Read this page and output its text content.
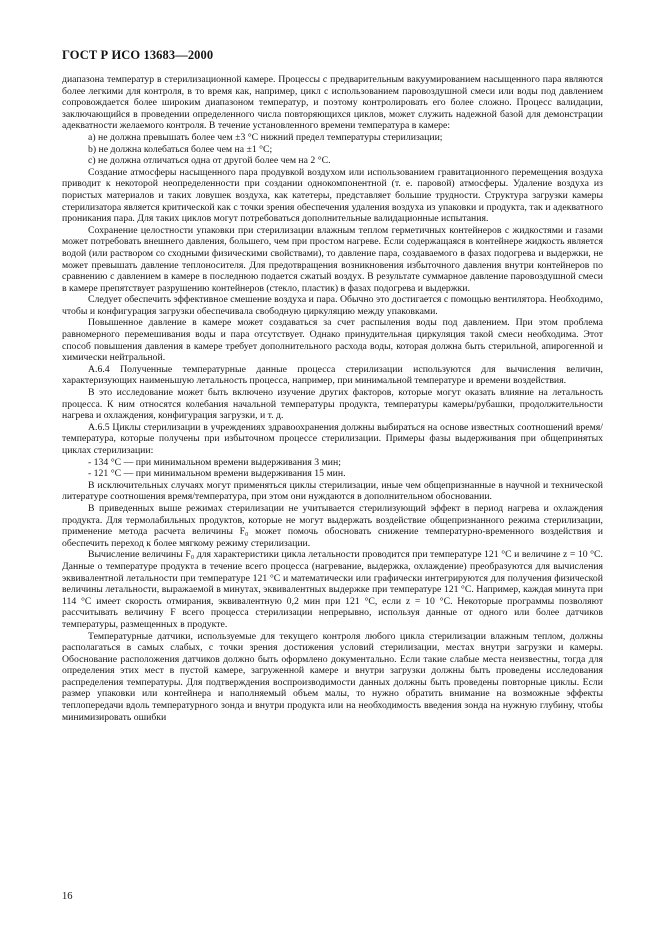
ГОСТ Р ИСО 13683—2000

диапазона температур в стерилизационной камере. Процессы с предварительным вакуумированием насыщенного пара являются более легкими для контроля, в то время как, например, цикл с использованием паровоздушной смеси или воды под давлением сопровождается более широким диапазоном температур, и поэтому контролировать его более сложно. Процесс валидации, заключающийся в проведении определенного числа повторяющихся циклов, может служить надежной базой для демонстрации адекватности желаемого контроля. В течение установленного времени температура в камере:

а) не должна превышать более чем ±3 °С нижний предел температуры стерилизации;

b) не должна колебаться более чем на ±1 °С;

с) не должна отличаться одна от другой более чем на 2 °С.

Создание атмосферы насыщенного пара продувкой воздухом или использованием гравитационного перемещения воздуха приводит к некоторой неопределенности при создании однокомпонентной (т. е. паровой) атмосферы. Удаление воздуха из пористых материалов и таких ловушек воздуха, как катетеры, представляет большие трудности. Структура загрузки камеры стерилизатора является критической как с точки зрения обеспечения удаления воздуха из упаковки и продукта, так и адекватного проникания пара. Для таких циклов могут потребоваться дополнительные валидационные испытания.

Сохранение целостности упаковки при стерилизации влажным теплом герметичных контейнеров с жидкостями и газами может потребовать внешнего давления, большего, чем при простом нагреве. Если содержащаяся в контейнере жидкость является водой (или раствором со сходными физическими свойствами), то давление пара, создаваемого в фазах подогрева и выдержки, не может превышать давление теплоносителя. Для предотвращения возникновения избыточного давления внутри контейнеров по сравнению с давлением в камере в последнюю подается сжатый воздух. В результате суммарное давление паровоздушной смеси в камере препятствует разрушению контейнеров (стекло, пластик) в фазах подогрева и выдержки.

Следует обеспечить эффективное смешение воздуха и пара. Обычно это достигается с помощью вентилятора. Необходимо, чтобы и конфигурация загрузки обеспечивала свободную циркуляцию между упаковками.

Повышенное давление в камере может создаваться за счет распыления воды под давлением. При этом проблема равномерного перемешивания воды и пара отсутствует. Однако принудительная циркуляция такой смеси необходима. Этот способ повышения давления в камере требует дополнительного расхода воды, которая должна быть стерильной, апирогенной и химически нейтральной.

А.6.4 Полученные температурные данные процесса стерилизации используются для вычисления величин, характеризующих наименьшую летальность процесса, например, при минимальной температуре и времени воздействия.

В это исследование может быть включено изучение других факторов, которые могут оказать влияние на летальность процесса. К ним относятся колебания начальной температуры продукта, температуры камеры/рубашки, продолжительности нагрева и охлаждения, конфигурация загрузки, и т. д.

А.6.5 Циклы стерилизации в учреждениях здравоохранения должны выбираться на основе известных соотношений время/температура, которые получены при избыточном процессе стерилизации. Примеры фазы выдерживания при общепринятых циклах стерилизации:

- 134 °С — при минимальном времени выдерживания 3 мин;

- 121 °С — при минимальном времени выдерживания 15 мин.

В исключительных случаях могут применяться циклы стерилизации, иные чем общепризнанные в научной и технической литературе соотношения время/температура, при этом они нуждаются в дополнительном обосновании.

В приведенных выше режимах стерилизации не учитывается стерилизующий эффект в период нагрева и охлаждения продукта. Для термолабильных продуктов, которые не могут выдержать воздействие общепризнанного режима стерилизации, применение метода расчета величины F₀ может помочь обосновать снижение температурно-временного воздействия и обеспечить переход к более мягкому режиму стерилизации.

Вычисление величины F₀ для характеристики цикла летальности проводится при температуре 121 °С и величине z = 10 °С. Данные о температуре продукта в течение всего процесса (нагревание, выдержка, охлаждение) преобразуются для вычисления эквивалентной летальности при температуре 121 °С и математически или графически интегрируются для получения физической величины летальности, выражаемой в минутах, эквивалентных выдержке при температуре 121 °С. Например, каждая минута при 114 °С имеет скорость отмирания, эквивалентную 0,2 мин при 121 °С, если z = 10 °С. Некоторые программы позволяют рассчитывать величину F всего процесса стерилизации непрерывно, используя данные от одного или более датчиков температуры, размещенных в продукте.

Температурные датчики, используемые для текущего контроля любого цикла стерилизации влажным теплом, должны располагаться в самых слабых, с точки зрения достижения условий стерилизации, местах внутри загрузки и камеры. Обоснование расположения датчиков должно быть оформлено документально. Если такие слабые места неизвестны, тогда для определения этих мест в пустой камере, загруженной камере и внутри загрузки должны быть проведены исследования распределения температуры. Для подтверждения воспроизводимости данных должны быть проведены повторные циклы. Если размер упаковки или контейнера и наполняемый объем малы, то нужно обратить внимание на возможные эффекты теплопередачи вдоль температурного зонда и внутри продукта или на необходимость введения зонда на нужную глубину, чтобы минимизировать ошибки

16
